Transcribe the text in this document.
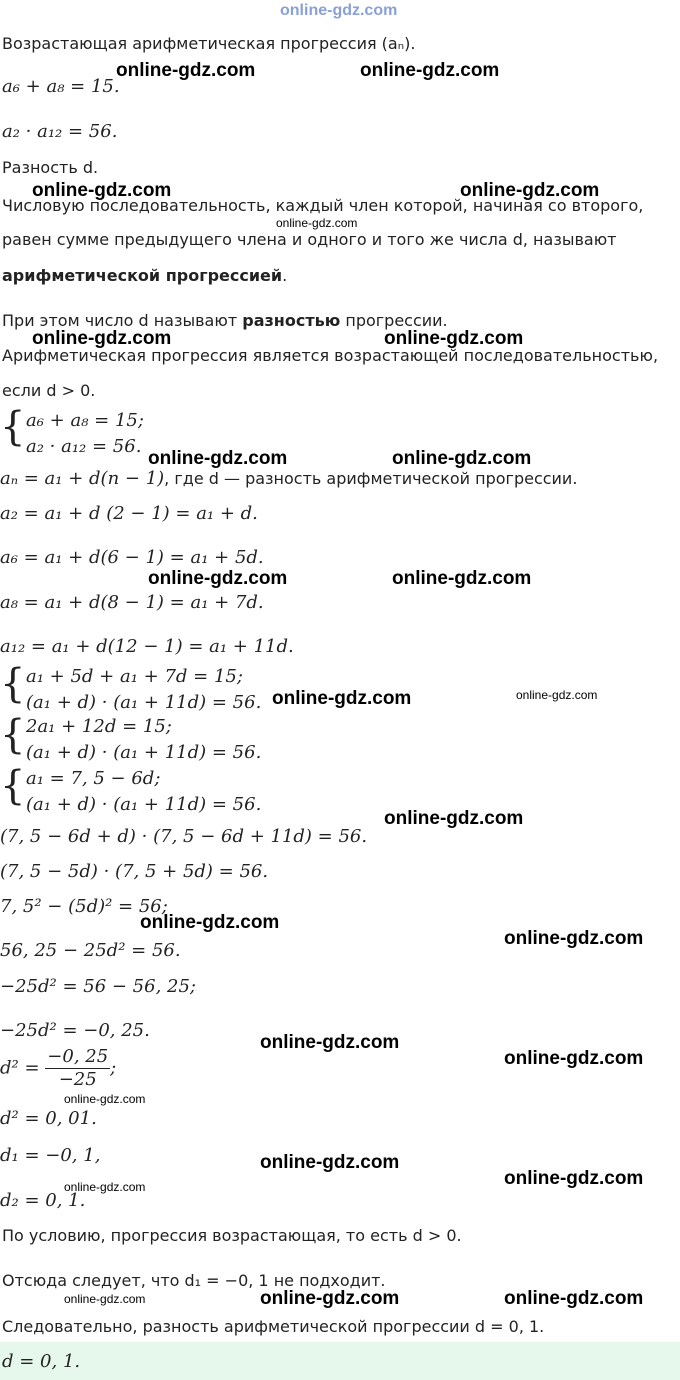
online-gdz.com
Возрастающая арифметическая прогрессия (aₙ).
a₆ + a₈ = 15.
a₂ · a₁₂ = 56.
Разность d.
Числовую последовательность, каждый член которой, начиная со второго,
равен сумме предыдущего члена и одного и того же числа d, называют
арифметической прогрессией.
При этом число d называют разностью прогрессии.
Арифметическая прогрессия является возрастающей последовательностью,
если d > 0.
{ a₆ + a₈ = 15;
a₂ · a₁₂ = 56.
aₙ = a₁ + d(n − 1), где d — разность арифметической прогрессии.
a₂ = a₁ + d (2 − 1) = a₁ + d.
a₆ = a₁ + d(6 − 1) = a₁ + 5d.
a₈ = a₁ + d(8 − 1) = a₁ + 7d.
a₁₂ = a₁ + d(12 − 1) = a₁ + 11d.
{ a₁ + 5d + a₁ + 7d = 15;
(a₁ + d) · (a₁ + 11d) = 56.
{ 2a₁ + 12d = 15;
(a₁ + d) · (a₁ + 11d) = 56.
{ a₁ = 7, 5 − 6d;
(a₁ + d) · (a₁ + 11d) = 56.
(7, 5 − 6d + d) · (7, 5 − 6d + 11d) = 56.
(7, 5 − 5d) · (7, 5 + 5d) = 56.
7, 5² − (5d)² = 56;
56, 25 − 25d² = 56.
−25d² = 56 − 56, 25;
−25d² = −0, 25.
$d^2 = \frac{-0, 25}{-25}$ ;
d² = 0, 01.
d₁ = −0, 1,
d₂ = 0, 1.
По условию, прогрессия возрастающая, то есть d > 0.
Отсюда следует, что d₁ = −0, 1 не подходит.
Следовательно, разность арифметической прогрессии d = 0, 1.
d = 0, 1.
online-gdz.com	online-gdz.com
online-gdz.com	online-gdz.com
online-gdz.com	online-gdz.com
online-gdz.com	online-gdz.com
online-gdz.com	online-gdz.com
online-gdz.com
online-gdz.com
online-gdz.com
online-gdz.com
online-gdz.com
online-gdz.com
online-gdz.com
online-gdz.com
online-gdz.com	online-gdz.com
online-gdz.com
online-gdz.com
online-gdz.com
online-gdz.com
online-gdz.com
